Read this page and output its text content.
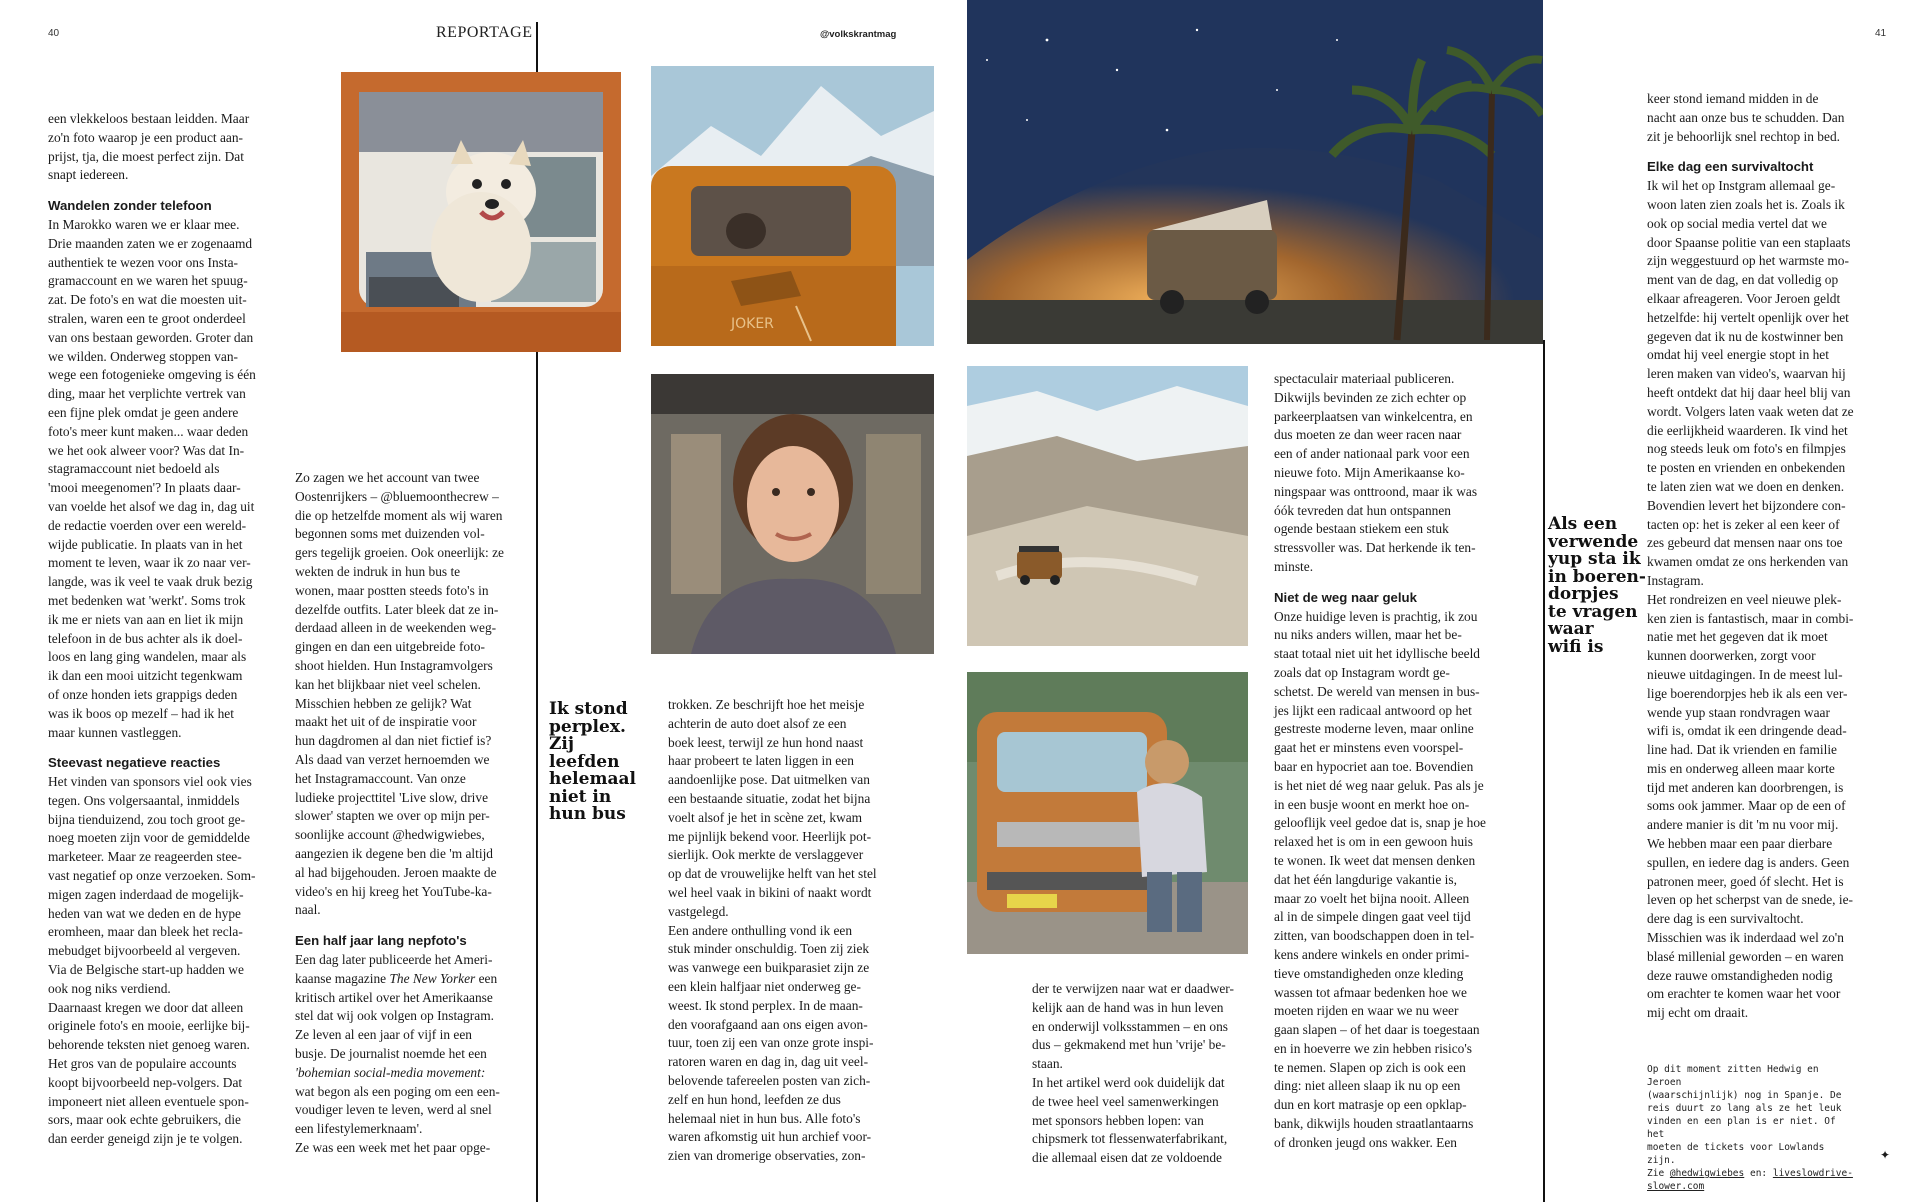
40	REPORTAGE	@volkskrantmag	41
JOKER

een vlekkeloos bestaan leidden. Maar
zo'n foto waarop je een product aan-
prijst, tja, die moest perfect zijn. Dat
snapt iedereen.

Wandelen zonder telefoon

In Marokko waren we er klaar mee.
Drie maanden zaten we er zogenaamd
authentiek te wezen voor ons Insta-
gramaccount en we waren het spuug-
zat. De foto's en wat die moesten uit-
stralen, waren een te groot onderdeel
van ons bestaan geworden. Groter dan
we wilden. Onderweg stoppen van-
wege een fotogenieke omgeving is één
ding, maar het verplichte vertrek van
een fijne plek omdat je geen andere
foto's meer kunt maken... waar deden
we het ook alweer voor? Was dat In-
stagramaccount niet bedoeld als
'mooi meegenomen'? In plaats daar-
van voelde het alsof we dag in, dag uit
de redactie voerden over een wereld-
wijde publicatie. In plaats van in het
moment te leven, waar ik zo naar ver-
langde, was ik veel te vaak druk bezig
met bedenken wat 'werkt'. Soms trok
ik me er niets van aan en liet ik mijn
telefoon in de bus achter als ik doel-
loos en lang ging wandelen, maar als
ik dan een mooi uitzicht tegenkwam
of onze honden iets grappigs deden
was ik boos op mezelf – had ik het
maar kunnen vastleggen.

Steevast negatieve reacties

Het vinden van sponsors viel ook vies
tegen. Ons volgersaantal, inmiddels
bijna tienduizend, zou toch groot ge-
noeg moeten zijn voor de gemiddelde
marketeer. Maar ze reageerden stee-
vast negatief op onze verzoeken. Som-
migen zagen inderdaad de mogelijk-
heden van wat we deden en de hype
eromheen, maar dan bleek het recla-
mebudget bijvoorbeeld al vergeven.
Via de Belgische start-up hadden we
ook nog niks verdiend.
Daarnaast kregen we door dat alleen
originele foto's en mooie, eerlijke bij-
behorende teksten niet genoeg waren.
Het gros van de populaire accounts
koopt bijvoorbeeld nep-volgers. Dat
imponeert niet alleen eventuele spon-
sors, maar ook echte gebruikers, die
dan eerder geneigd zijn je te volgen.

Zo zagen we het account van twee
Oostenrijkers – @bluemoonthecrew –
die op hetzelfde moment als wij waren
begonnen soms met duizenden vol-
gers tegelijk groeien. Ook oneerlijk: ze
wekten de indruk in hun bus te
wonen, maar postten steeds foto's in
dezelfde outfits. Later bleek dat ze in-
derdaad alleen in de weekenden weg-
gingen en dan een uitgebreide foto-
shoot hielden. Hun Instagramvolgers
kan het blijkbaar niet veel schelen.
Misschien hebben ze gelijk? Wat
maakt het uit of de inspiratie voor
hun dagdromen al dan niet fictief is?
Als daad van verzet hernoemden we
het Instagramaccount. Van onze
ludieke projecttitel 'Live slow, drive
slower' stapten we over op mijn per-
soonlijke account @hedwigwiebes,
aangezien ik degene ben die 'm altijd
al had bijgehouden. Jeroen maakte de
video's en hij kreeg het YouTube-ka-
naal.

Een half jaar lang nepfoto's

Een dag later publiceerde het Ameri-
kaanse magazine The New Yorker een
kritisch artikel over het Amerikaanse
stel dat wij ook volgen op Instagram.
Ze leven al een jaar of vijf in een
busje. De journalist noemde het een
'bohemian social-media movement:
wat begon als een poging om een een-
voudiger leven te leven, werd al snel
een lifestylemerknaam'.
Ze was een week met het paar opge-

Ik stond
perplex.
Zij
leefden
helemaal
niet in
hun bus

trokken. Ze beschrijft hoe het meisje
achterin de auto doet alsof ze een
boek leest, terwijl ze hun hond naast
haar probeert te laten liggen in een
aandoenlijke pose. Dat uitmelken van
een bestaande situatie, zodat het bijna
voelt alsof je het in scène zet, kwam
me pijnlijk bekend voor. Heerlijk pot-
sierlijk. Ook merkte de verslaggever
op dat de vrouwelijke helft van het stel
wel heel vaak in bikini of naakt wordt
vastgelegd.
Een andere onthulling vond ik een
stuk minder onschuldig. Toen zij ziek
was vanwege een buikparasiet zijn ze
een klein halfjaar niet onderweg ge-
weest. Ik stond perplex. In de maan-
den voorafgaand aan ons eigen avon-
tuur, toen zij een van onze grote inspi-
ratoren waren en dag in, dag uit veel-
belovende tafereelen posten van zich-
zelf en hun hond, leefden ze dus
helemaal niet in hun bus. Alle foto's
waren afkomstig uit hun archief voor-
zien van dromerige observaties, zon-

der te verwijzen naar wat er daadwer-
kelijk aan de hand was in hun leven
en onderwijl volksstammen – en ons
dus – gekmakend met hun 'vrije' be-
staan.
In het artikel werd ook duidelijk dat
de twee heel veel samenwerkingen
met sponsors hebben lopen: van
chipsmerk tot flessenwaterfabrikant,
die allemaal eisen dat ze voldoende

spectaculair materiaal publiceren.
Dikwijls bevinden ze zich echter op
parkeerplaatsen van winkelcentra, en
dus moeten ze dan weer racen naar
een of ander nationaal park voor een
nieuwe foto. Mijn Amerikaanse ko-
ningspaar was onttroond, maar ik was
óók tevreden dat hun ontspannen
ogende bestaan stiekem een stuk
stressvoller was. Dat herkende ik ten-
minste.

Niet de weg naar geluk

Onze huidige leven is prachtig, ik zou
nu niks anders willen, maar het be-
staat totaal niet uit het idyllische beeld
zoals dat op Instagram wordt ge-
schetst. De wereld van mensen in bus-
jes lijkt een radicaal antwoord op het
gestreste moderne leven, maar online
gaat het er minstens even voorspel-
baar en hypocriet aan toe. Bovendien
is het niet dé weg naar geluk. Pas als je
in een busje woont en merkt hoe on-
gelooflijk veel gedoe dat is, snap je hoe
relaxed het is om in een gewoon huis
te wonen. Ik weet dat mensen denken
dat het één langdurige vakantie is,
maar zo voelt het bijna nooit. Alleen
al in de simpele dingen gaat veel tijd
zitten, van boodschappen doen in tel-
kens andere winkels en onder primi-
tieve omstandigheden onze kleding
wassen tot afmaar bedenken hoe we
moeten rijden en waar we nu weer
gaan slapen – of het daar is toegestaan
en in hoeverre we zin hebben risico's
te nemen. Slapen op zich is ook een
ding: niet alleen slaap ik nu op een
dun en kort matrasje op een opklap-
bank, dikwijls houden straatlantaarns
of dronken jeugd ons wakker. Een

Als een
verwende
yup sta ik
in boeren-
dorpjes
te vragen
waar
wifi is

keer stond iemand midden in de
nacht aan onze bus te schudden. Dan
zit je behoorlijk snel rechtop in bed.

Elke dag een survivaltocht

Ik wil het op Instgram allemaal ge-
woon laten zien zoals het is. Zoals ik
ook op social media vertel dat we
door Spaanse politie van een staplaats
zijn weggestuurd op het warmste mo-
ment van de dag, en dat volledig op
elkaar afreageren. Voor Jeroen geldt
hetzelfde: hij vertelt openlijk over het
gegeven dat ik nu de kostwinner ben
omdat hij veel energie stopt in het
leren maken van video's, waarvan hij
heeft ontdekt dat hij daar heel blij van
wordt. Volgers laten vaak weten dat ze
die eerlijkheid waarderen. Ik vind het
nog steeds leuk om foto's en filmpjes
te posten en vrienden en onbekenden
te laten zien wat we doen en denken.
Bovendien levert het bijzondere con-
tacten op: het is zeker al een keer of
zes gebeurd dat mensen naar ons toe
kwamen omdat ze ons herkenden van
Instagram.
Het rondreizen en veel nieuwe plek-
ken zien is fantastisch, maar in combi-
natie met het gegeven dat ik moet
kunnen doorwerken, zorgt voor
nieuwe uitdagingen. In de meest lul-
lige boerendorpjes heb ik als een ver-
wende yup staan rondvragen waar
wifi is, omdat ik een dringende dead-
line had. Dat ik vrienden en familie
mis en onderweg alleen maar korte
tijd met anderen kan doorbrengen, is
soms ook jammer. Maar op de een of
andere manier is dit 'm nu voor mij.
We hebben maar een paar dierbare
spullen, en iedere dag is anders. Geen
patronen meer, goed óf slecht. Het is
leven op het scherpst van de snede, ie-
dere dag is een survivaltocht.
Misschien was ik inderdaad wel zo'n
blasé millenial geworden – en waren
deze rauwe omstandigheden nodig
om erachter te komen waar het voor
mij echt om draait.

Op dit moment zitten Hedwig en Jeroen
(waarschijnlijk) nog in Spanje. De
reis duurt zo lang als ze het leuk
vinden en een plan is er niet. Of het
moeten de tickets voor Lowlands zijn.
Zie @hedwigwiebes en: liveslowdrive-
slower.com
✦
